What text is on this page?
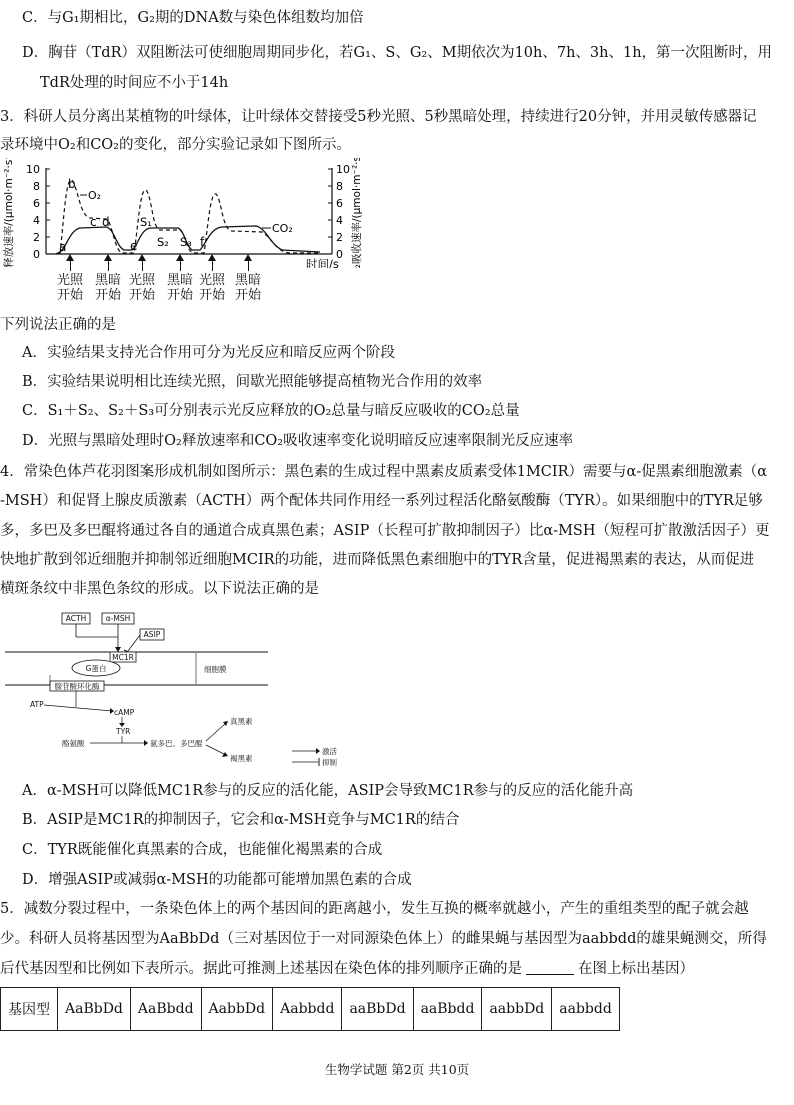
C．与G₁期相比，G₂期的DNA数与染色体组数均加倍
D．胸苷（TdR）双阻断法可使细胞周期同步化，若G₁、S、G₂、M期依次为10h、7h、3h、1h，第一次阻断时，用
TdR处理的时间应不小于14h
3．科研人员分离出某植物的叶绿体，让叶绿体交替接受5秒光照、5秒黑暗处理，持续进行20分钟，并用灵敏传感器记
录环境中O₂和CO₂的变化，部分实验记录如下图所示。
O₂释放速率/(μmol·m⁻²·s⁻¹)	CO₂吸收速率/(μmol·m⁻²·s⁻¹)
0
2
4
6
8
10
0
2
4
6
8
10
O₂
CO₂
a
b
c d
e	f
S₁
S₂ S₃
时间/s
光照
开始
黑暗
开始
光照
开始
黑暗
开始
光照
开始
黑暗
开始
下列说法正确的是
A．实验结果支持光合作用可分为光反应和暗反应两个阶段
B．实验结果说明相比连续光照，间歇光照能够提高植物光合作用的效率
C．S₁＋S₂、S₂＋S₃可分别表示光反应释放的O₂总量与暗反应吸收的CO₂总量
D．光照与黑暗处理时O₂释放速率和CO₂吸收速率变化说明暗反应速率限制光反应速率
4．常染色体芦花羽图案形成机制如图所示：黑色素的生成过程中黑素皮质素受体1MCIR）需要与α-促黑素细胞激素（α
-MSH）和促肾上腺皮质激素（ACTH）两个配体共同作用经一系列过程活化酪氨酸酶（TYR）。如果细胞中的TYR足够
多，多巴及多巴醌将通过各自的通道合成真黑色素；ASIP（长程可扩散抑制因子）比α-MSH（短程可扩散激活因子）更
快地扩散到邻近细胞并抑制邻近细胞MCIR的功能，进而降低黑色素细胞中的TYR含量，促进褐黑素的表达，从而促进
横斑条纹中非黑色条纹的形成。以下说法正确的是
ACTH	α-MSH
ASIP
MC1R
G蛋白	细胞膜
腺苷酸环化酶
ATP
cAMP
TYR
酪氨酸	氨多巴、多巴醌
真黑素
褐黑素
激活
抑制
A．α-MSH可以降低MC1R参与的反应的活化能，ASIP会导致MC1R参与的反应的活化能升高
B．ASIP是MC1R的抑制因子，它会和α-MSH竞争与MC1R的结合
C．TYR既能催化真黑素的合成，也能催化褐黑素的合成
D．增强ASIP或减弱α-MSH的功能都可能增加黑色素的合成
5．减数分裂过程中，一条染色体上的两个基因间的距离越小，发生互换的概率就越小，产生的重组类型的配子就会越
少。科研人员将基因型为AaBbDd（三对基因位于一对同源染色体上）的雌果蝇与基因型为aabbdd的雄果蝇测交，所得
后代基因型和比例如下表所示。据此可推测上述基因在染色体的排列顺序正确的是	在图上标出基因）
基因型	AaBbDd	AaBbdd	AabbDd	Aabbdd	aaBbDd	aaBbdd	aabbDd	aabbdd
生物学试题 第2页 共10页
